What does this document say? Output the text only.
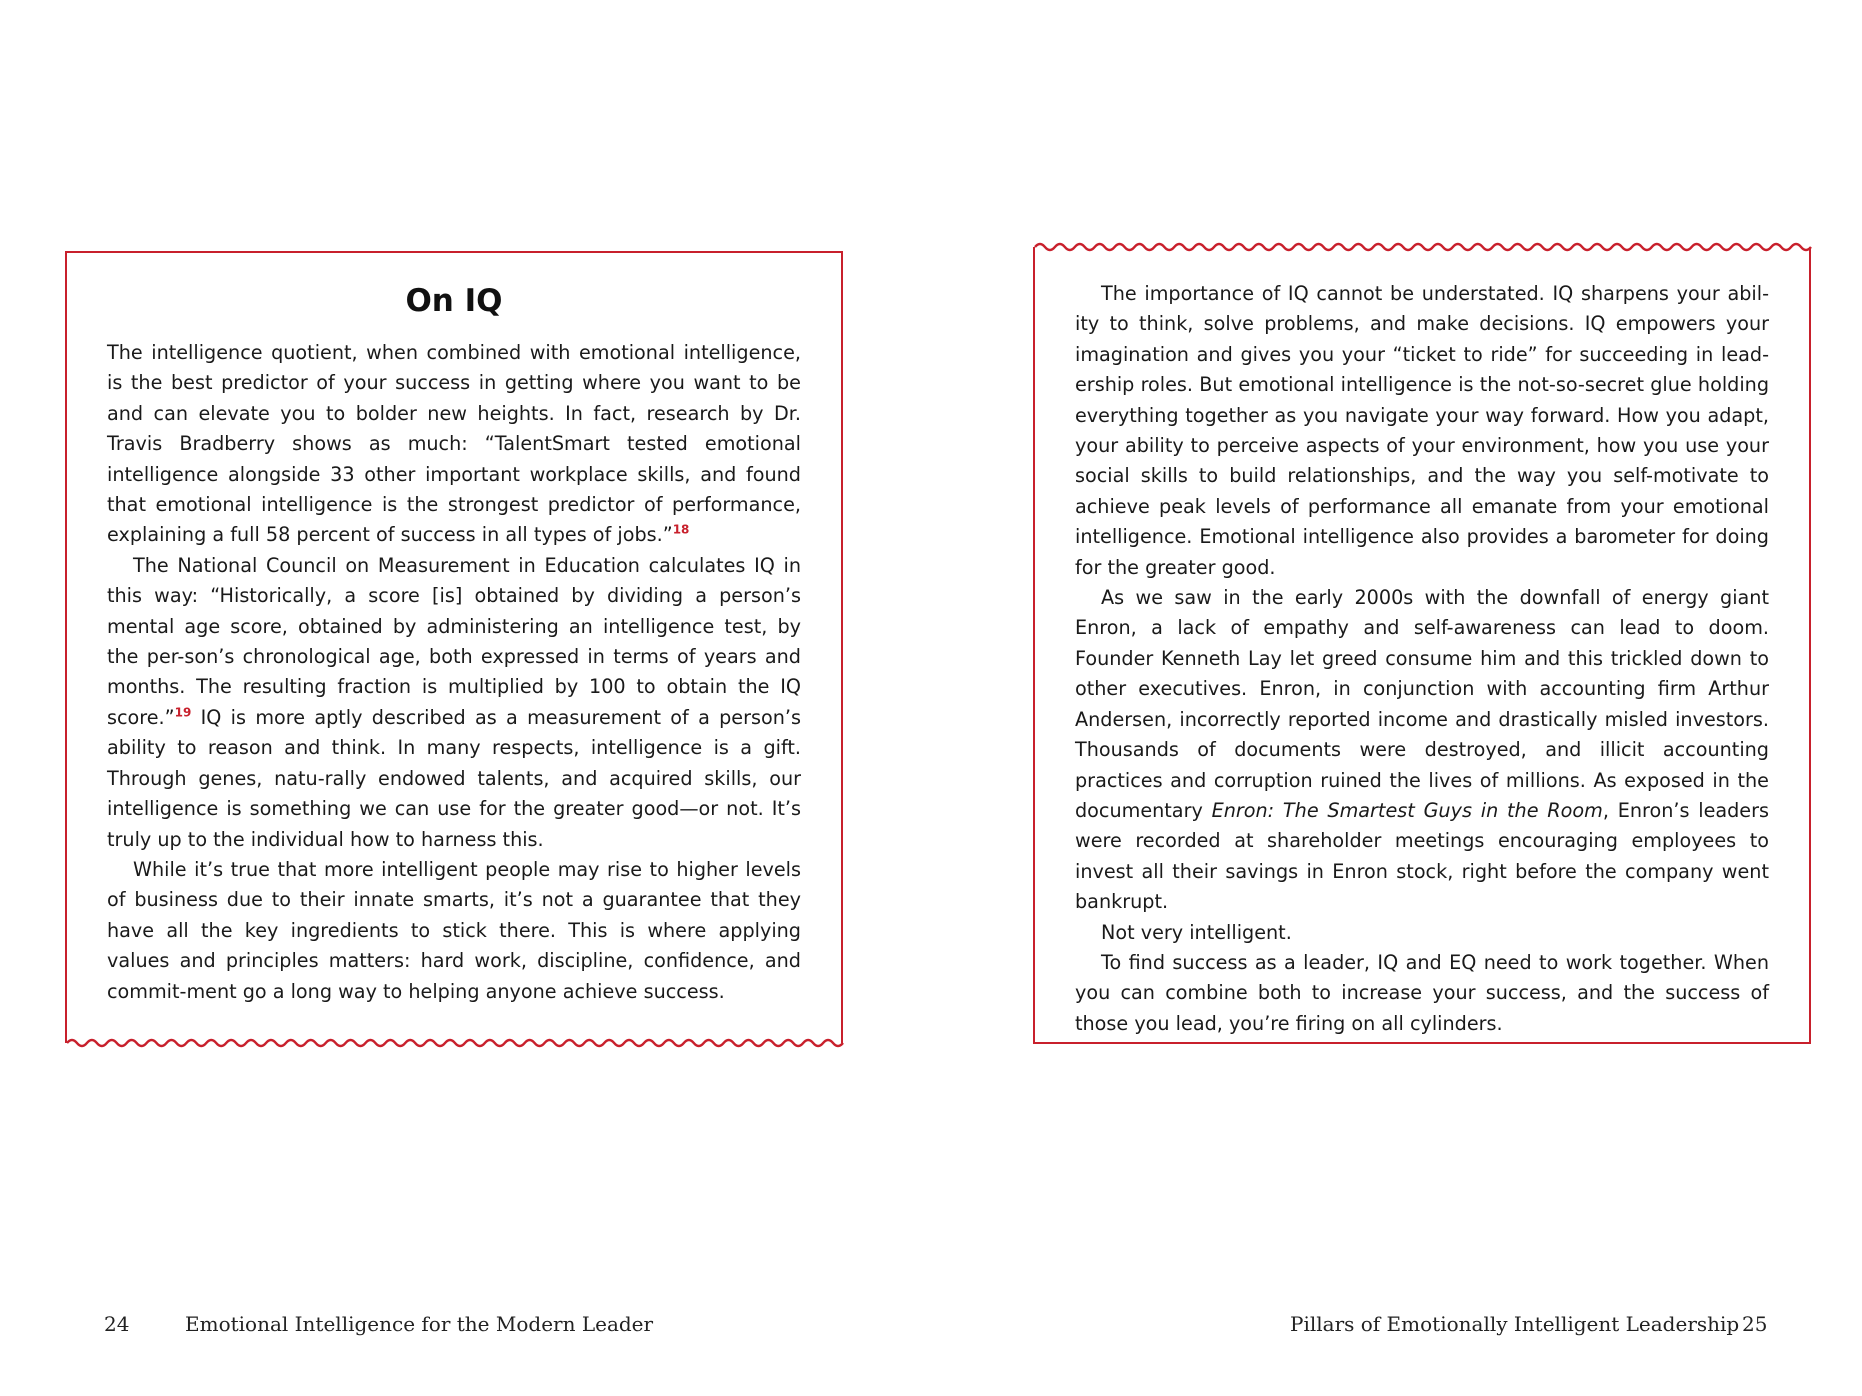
On IQ

The intelligence quotient, when combined with emotional intelligence, is the best predictor of your success in getting where you want to be and can elevate you to bolder new heights. In fact, research by Dr. Travis Bradberry shows as much: “TalentSmart tested emotional intelligence alongside 33 other important workplace skills, and found that emotional intelligence is the strongest predictor of performance, explaining a full 58 percent of success in all types of jobs.”$^{18}$

The National Council on Measurement in Education calculates IQ in this way: “Historically, a score [is] obtained by dividing a person’s mental age score, obtained by administering an intelligence test, by the per-son’s chronological age, both expressed in terms of years and months. The resulting fraction is multiplied by 100 to obtain the IQ score.”$^{19}$ IQ is more aptly described as a measurement of a person’s ability to reason and think. In many respects, intelligence is a gift. Through genes, natu-rally endowed talents, and acquired skills, our intelligence is something we can use for the greater good—or not. It’s truly up to the individual how to harness this.

While it’s true that more intelligent people may rise to higher levels of business due to their innate smarts, it’s not a guarantee that they have all the key ingredients to stick there. This is where applying values and principles matters: hard work, discipline, confidence, and commit-ment go a long way to helping anyone achieve success.

The importance of IQ cannot be understated. IQ sharpens your abil-ity to think, solve problems, and make decisions. IQ empowers your imagination and gives you your “ticket to ride” for succeeding in lead-ership roles. But emotional intelligence is the not-so-secret glue holding everything together as you navigate your way forward. How you adapt, your ability to perceive aspects of your environment, how you use your social skills to build relationships, and the way you self-motivate to achieve peak levels of performance all emanate from your emotional intelligence. Emotional intelligence also provides a barometer for doing for the greater good.

As we saw in the early 2000s with the downfall of energy giant Enron, a lack of empathy and self-awareness can lead to doom. Founder Kenneth Lay let greed consume him and this trickled down to other executives. Enron, in conjunction with accounting firm Arthur Andersen, incorrectly reported income and drastically misled investors. Thousands of documents were destroyed, and illicit accounting practices and corruption ruined the lives of millions. As exposed in the documentary Enron: The Smartest Guys in the Room, Enron’s leaders were recorded at shareholder meetings encouraging employees to invest all their savings in Enron stock, right before the company went bankrupt.

Not very intelligent.

To find success as a leader, IQ and EQ need to work together. When you can combine both to increase your success, and the success of those you lead, you’re firing on all cylinders.

24	Emotional Intelligence for the Modern Leader	Pillars of Emotionally Intelligent Leadership 25
